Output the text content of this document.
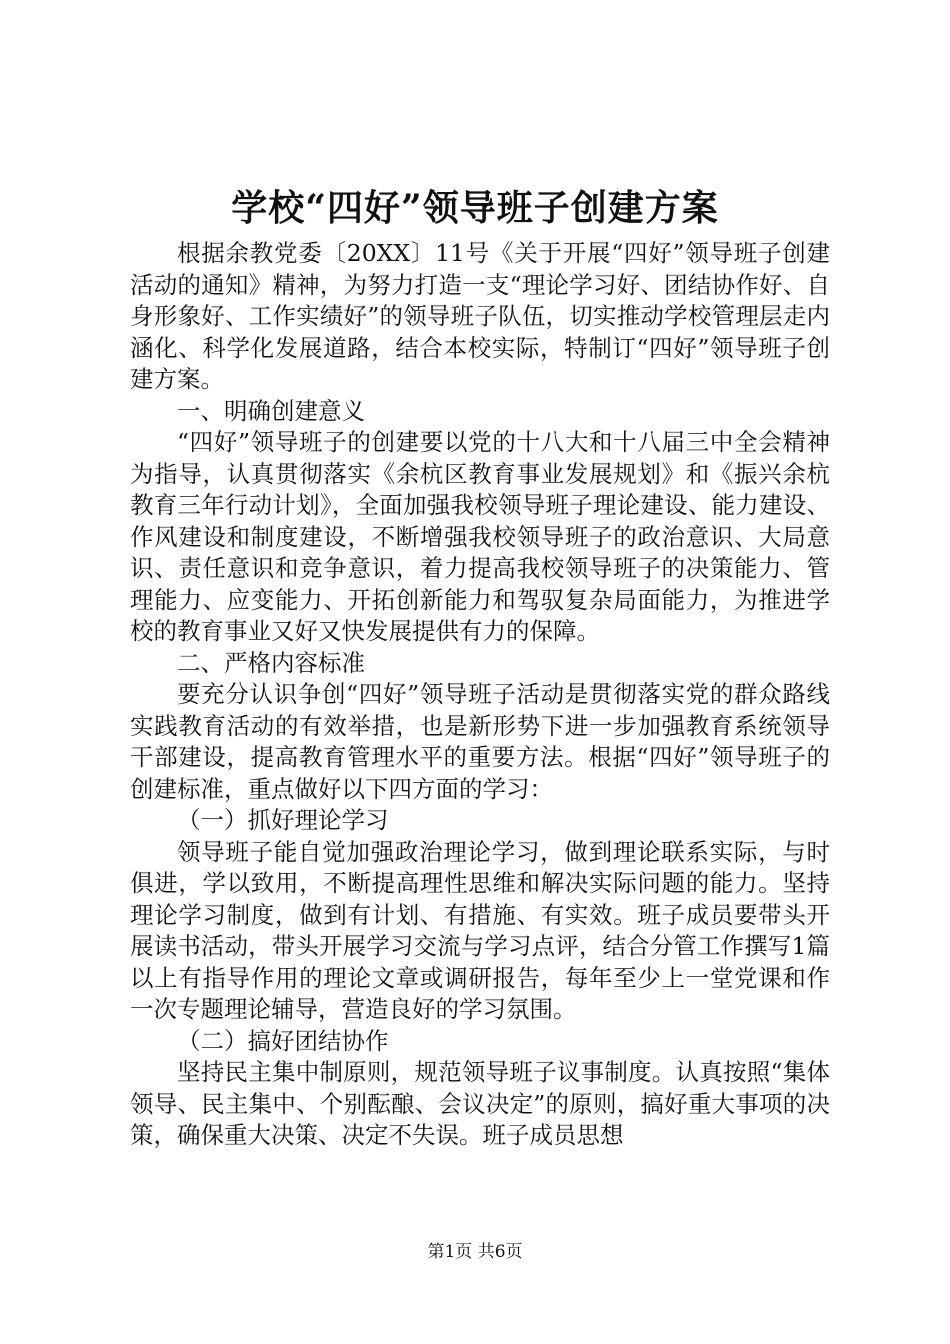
学校“四好”领导班子创建方案

根据余教党委〔20XX〕11号《关于开展“四好”领导班子创建活动的通知》精神，为努力打造一支“理论学习好、团结协作好、自身形象好、工作实绩好”的领导班子队伍，切实推动学校管理层走内涵化、科学化发展道路，结合本校实际，特制订“四好”领导班子创建方案。

一、明确创建意义

“四好”领导班子的创建要以党的十八大和十八届三中全会精神为指导，认真贯彻落实《余杭区教育事业发展规划》和《振兴余杭教育三年行动计划》，全面加强我校领导班子理论建设、能力建设、作风建设和制度建设，不断增强我校领导班子的政治意识、大局意识、责任意识和竞争意识，着力提高我校领导班子的决策能力、管理能力、应变能力、开拓创新能力和驾驭复杂局面能力，为推进学校的教育事业又好又快发展提供有力的保障。

二、严格内容标准

要充分认识争创“四好”领导班子活动是贯彻落实党的群众路线实践教育活动的有效举措，也是新形势下进一步加强教育系统领导干部建设，提高教育管理水平的重要方法。根据“四好”领导班子的创建标准，重点做好以下四方面的学习：

（一）抓好理论学习

领导班子能自觉加强政治理论学习，做到理论联系实际，与时俱进，学以致用，不断提高理性思维和解决实际问题的能力。坚持理论学习制度，做到有计划、有措施、有实效。班子成员要带头开展读书活动，带头开展学习交流与学习点评，结合分管工作撰写1篇以上有指导作用的理论文章或调研报告，每年至少上一堂党课和作一次专题理论辅导，营造良好的学习氛围。

（二）搞好团结协作

坚持民主集中制原则，规范领导班子议事制度。认真按照“集体领导、民主集中、个别酝酿、会议决定”的原则，搞好重大事项的决策，确保重大决策、决定不失误。班子成员思想

第1页 共6页
